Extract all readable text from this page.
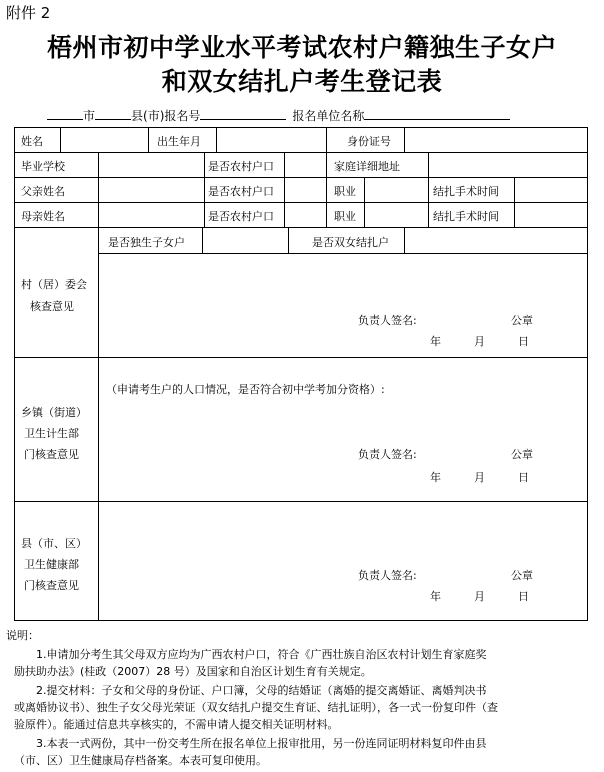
附件 2
梧州市初中学业水平考试农村户籍独生子女户
和双女结扎户考生登记表
市	县(市)报名号	报名单位名称
姓名	出生年月	身份证号
毕业学校	是否农村户口	家庭详细地址
父亲姓名	是否农村户口	职业	结扎手术时间
母亲姓名	是否农村户口	职业	结扎手术时间
是否独生子女户	是否双女结扎户
村（居）委会
核查意见
负责人签名:	公章
年	月	日
乡镇（街道）
卫生计生部
门核查意见
（申请考生户的人口情况，是否符合初中学考加分资格）:
负责人签名:	公章
年	月	日
县（市、区）
卫生健康部
门核查意见
负责人签名:	公章
年	月	日
说明：
1.申请加分考生其父母双方应均为广西农村户口，符合《广西壮族自治区农村计划生育家庭奖
励扶助办法》(桂政（2007）28 号）及国家和自治区计划生育有关规定。
2.提交材料：子女和父母的身份证、户口簿，父母的结婚证（离婚的提交离婚证、离婚判决书
或离婚协议书）、独生子女父母光荣证（双女结扎户提交生育证、结扎证明），各一式一份复印件（查
验原件）。能通过信息共享核实的，不需申请人提交相关证明材料。
3.本表一式两份，其中一份交考生所在报名单位上报审批用，另一份连同证明材料复印件由县
（市、区）卫生健康局存档备案。本表可复印使用。
